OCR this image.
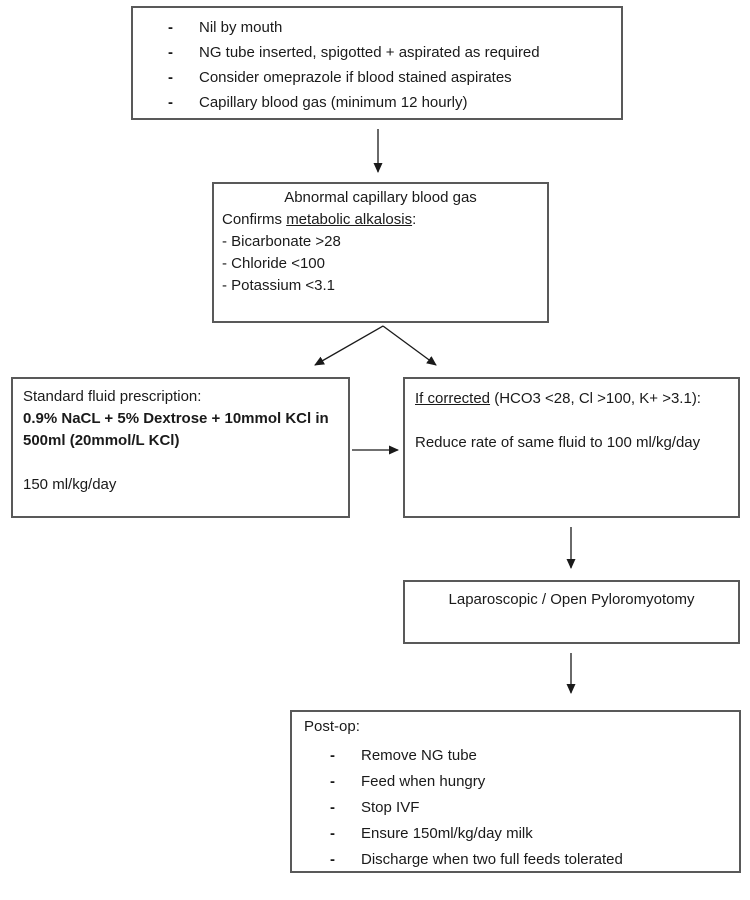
-	Nil by mouth
-	NG tube inserted, spigotted + aspirated as required
-	Consider omeprazole if blood stained aspirates
-	Capillary blood gas (minimum 12 hourly)
Abnormal capillary blood gas
Confirms metabolic alkalosis:
- Bicarbonate >28
- Chloride <100
- Potassium <3.1
Standard fluid prescription:
0.9% NaCL + 5% Dextrose + 10mmol KCl in
500ml (20mmol/L KCl)
150 ml/kg/day
If corrected (HCO3 <28, Cl >100, K+ >3.1):
Reduce rate of same fluid to 100 ml/kg/day
Laparoscopic / Open Pyloromyotomy
Post-op:
-	Remove NG tube
-	Feed when hungry
-	Stop IVF
-	Ensure 150ml/kg/day milk
-	Discharge when two full feeds tolerated
